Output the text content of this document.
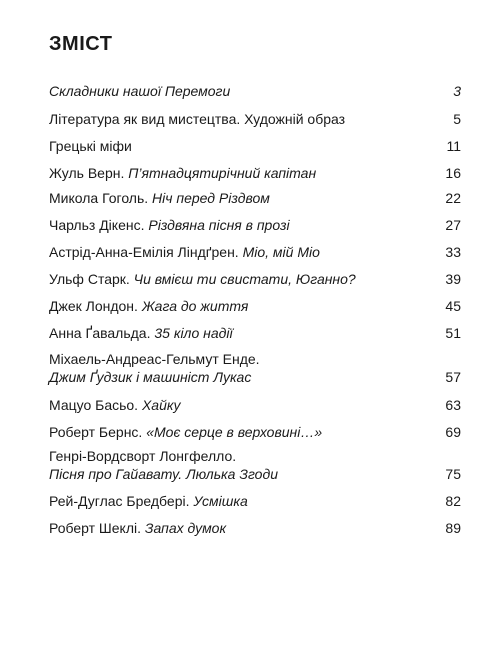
ЗМІСТ
Складники нашої Перемоги	3
Література як вид мистецтва. Художній образ	5
Грецькі міфи	11
Жуль Верн. П’ятнадцятирічний капітан	16
Микола Гоголь. Ніч перед Різдвом	22
Чарльз Дікенс. Різдвяна пісня в прозі	27
Астрід-Анна-Емілія Ліндґрен. Міо, мій Міо	33
Ульф Старк. Чи вмієш ти свистати, Юганно?	39
Джек Лондон. Жага до життя	45
Анна Ґавальда. 35 кіло надії	51
Міхаель-Андреас-Гельмут Енде.
Джим Ґудзик і машиніст Лукас	57
Мацуо Басьо. Хайку	63
Роберт Бернс. «Моє серце в верховині…»	69
Генрі-Вордсворт Лонгфелло.
Пісня про Гайавату. Люлька Згоди	75
Рей-Дуглас Бредбері. Усмішка	82
Роберт Шеклі. Запах думок	89
